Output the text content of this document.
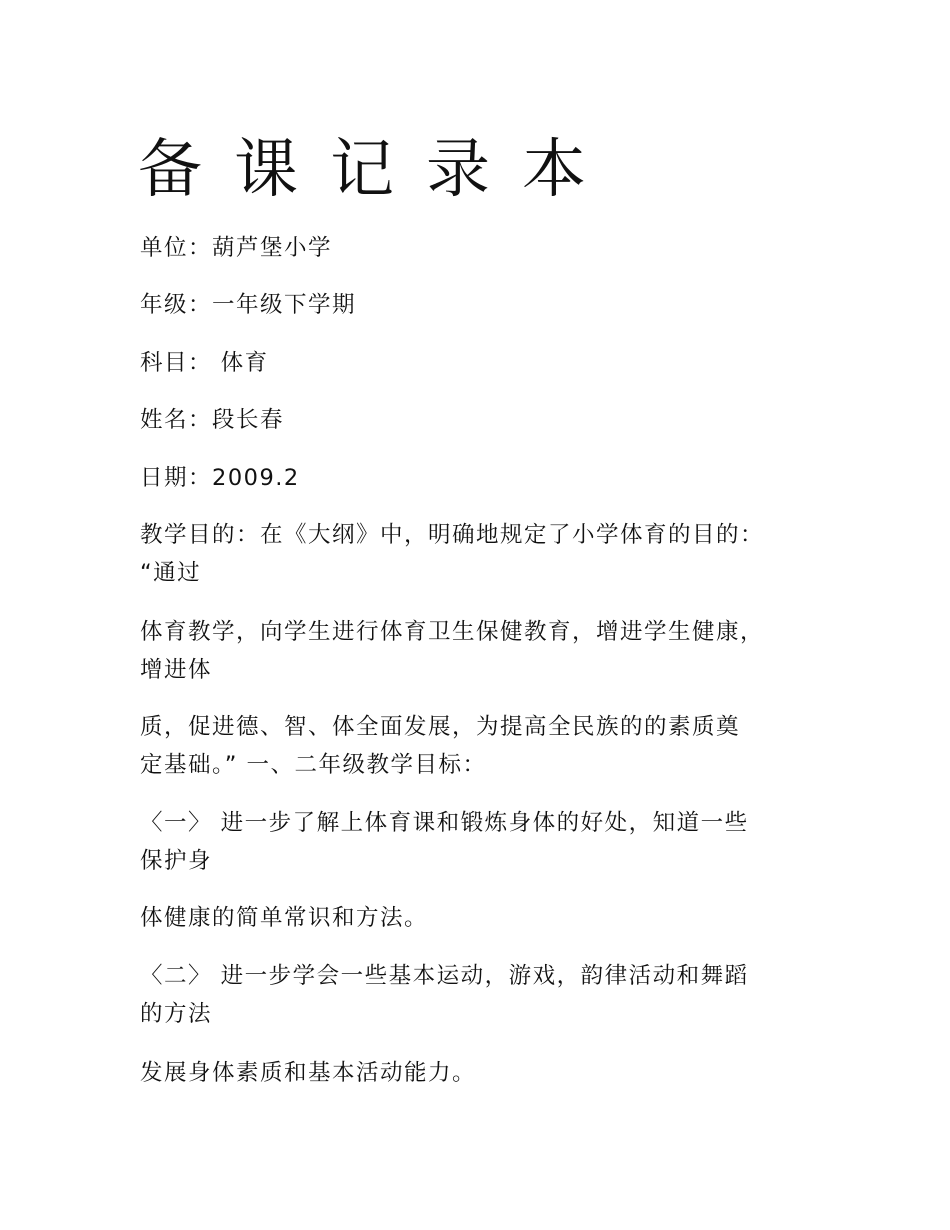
备课记录本

单位：葫芦堡小学

年级：一年级下学期

科目： 体育

姓名：段长春

日期：2009.2

教学目的：在《大纲》中，明确地规定了小学体育的目的：

“通过

体育教学，向学生进行体育卫生保健教育，增进学生健康，

增进体

质，促进德、智、体全面发展，为提高全民族的的素质奠

定基础。” 一、二年级教学目标：

〈一〉 进一步了解上体育课和锻炼身体的好处，知道一些

保护身

体健康的简单常识和方法。

〈二〉 进一步学会一些基本运动，游戏，韵律活动和舞蹈

的方法

发展身体素质和基本活动能力。
